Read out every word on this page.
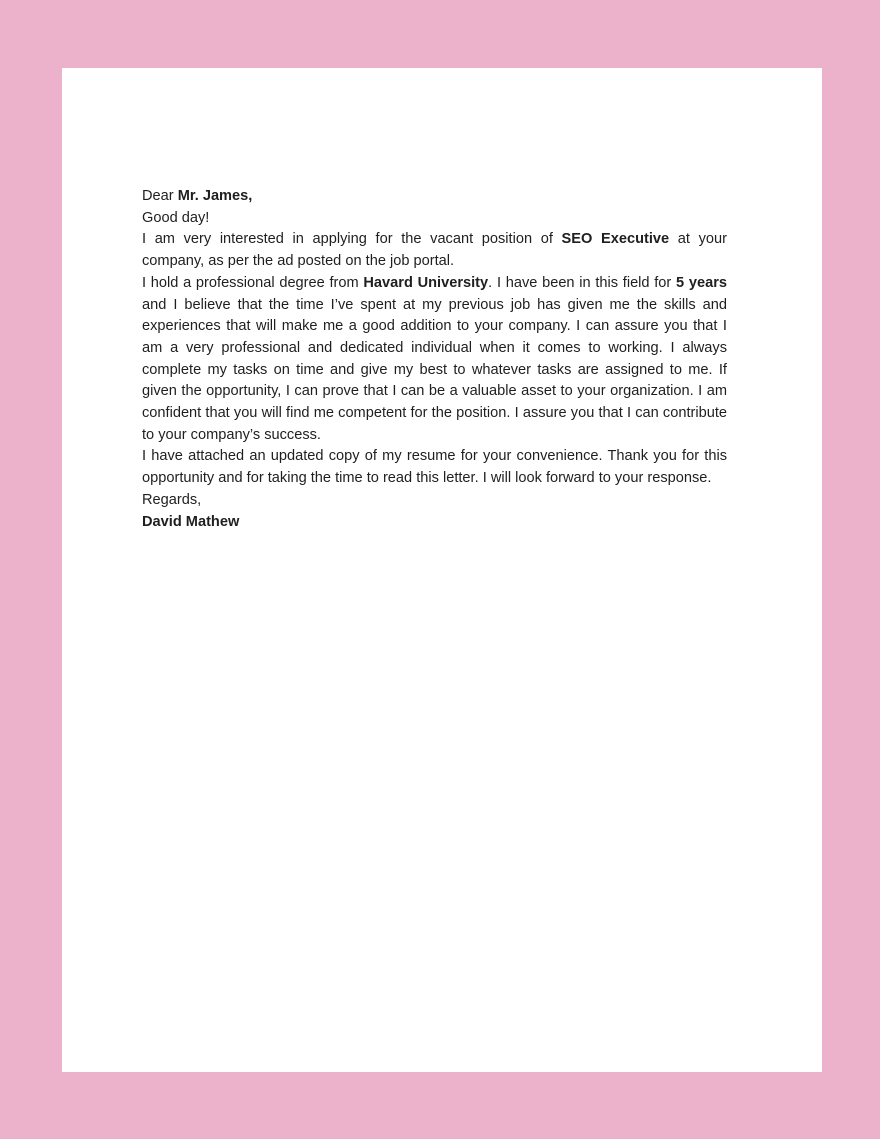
Dear Mr. James,

Good day!

I am very interested in applying for the vacant position of SEO Executive at your company, as per the ad posted on the job portal.

I hold a professional degree from Havard University. I have been in this field for 5 years and I believe that the time I’ve spent at my previous job has given me the skills and experiences that will make me a good addition to your company. I can assure you that I am a very professional and dedicated individual when it comes to working. I always complete my tasks on time and give my best to whatever tasks are assigned to me. If given the opportunity, I can prove that I can be a valuable asset to your organization. I am confident that you will find me competent for the position. I assure you that I can contribute to your company’s success.

I have attached an updated copy of my resume for your convenience. Thank you for this opportunity and for taking the time to read this letter. I will look forward to your response.

Regards,

David Mathew
